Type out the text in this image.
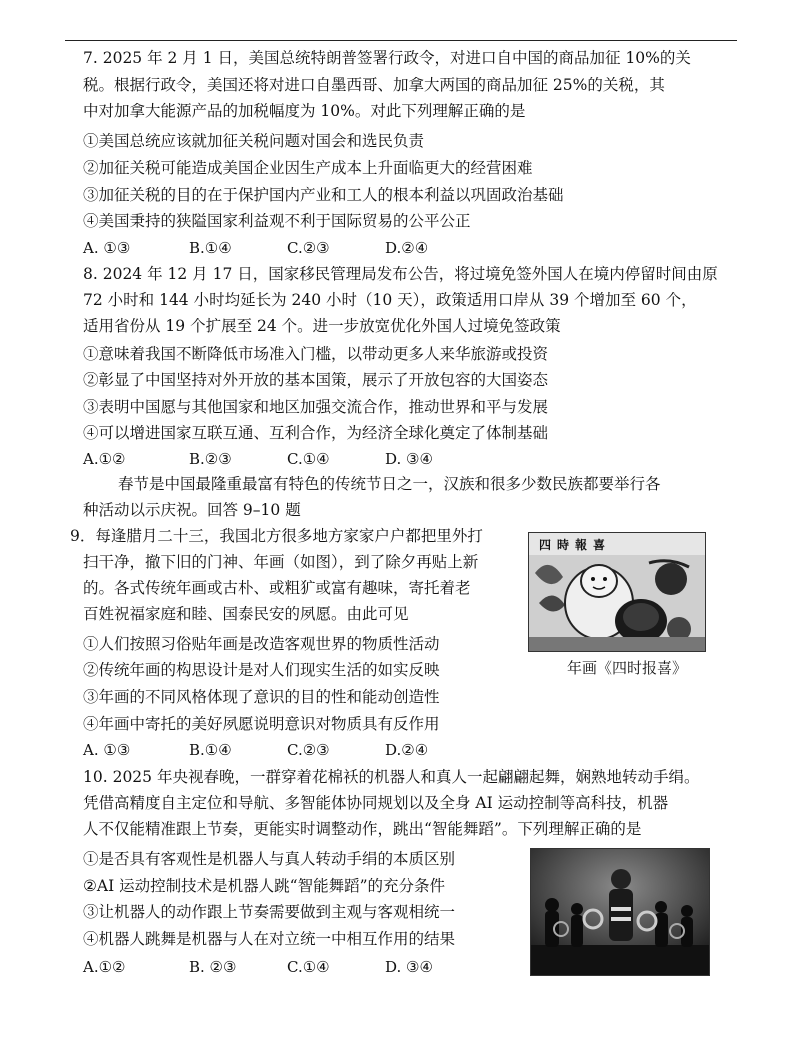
7. 2025 年 2 月 1 日，美国总统特朗普签署行政令，对进口自中国的商品加征 10%的关
税。根据行政令，美国还将对进口自墨西哥、加拿大两国的商品加征 25%的关税，其
中对加拿大能源产品的加税幅度为 10%。对此下列理解正确的是
①美国总统应该就加征关税问题对国会和选民负责
②加征关税可能造成美国企业因生产成本上升面临更大的经营困难
③加征关税的目的在于保护国内产业和工人的根本利益以巩固政治基础
④美国秉持的狭隘国家利益观不利于国际贸易的公平公正
A. ①③	B.①④	C.②③	D.②④
8. 2024 年 12 月 17 日，国家移民管理局发布公告，将过境免签外国人在境内停留时间由原
72 小时和 144 小时均延长为 240 小时（10 天），政策适用口岸从 39 个增加至 60 个，
适用省份从 19 个扩展至 24 个。进一步放宽优化外国人过境免签政策
①意味着我国不断降低市场准入门槛，以带动更多人来华旅游或投资
②彰显了中国坚持对外开放的基本国策，展示了开放包容的大国姿态
③表明中国愿与其他国家和地区加强交流合作，推动世界和平与发展
④可以增进国家互联互通、互利合作，为经济全球化奠定了体制基础
A.①②	B.②③	C.①④	D. ③④
春节是中国最隆重最富有特色的传统节日之一，汉族和很多少数民族都要举行各
种活动以示庆祝。回答 9–10 题
9．每逢腊月二十三，我国北方很多地方家家户户都把里外打
扫干净，撤下旧的门神、年画（如图），到了除夕再贴上新
的。各式传统年画或古朴、或粗犷或富有趣味，寄托着老
百姓祝福家庭和睦、国泰民安的夙愿。由此可见
①人们按照习俗贴年画是改造客观世界的物质性活动
②传统年画的构思设计是对人们现实生活的如实反映
③年画的不同风格体现了意识的目的性和能动创造性
④年画中寄托的美好夙愿说明意识对物质具有反作用
A. ①③	B.①④	C.②③	D.②④
四時報喜
年画《四时报喜》
10. 2025 年央视春晚，一群穿着花棉袄的机器人和真人一起翩翩起舞，娴熟地转动手绢。
凭借高精度自主定位和导航、多智能体协同规划以及全身 AI 运动控制等高科技，机器
人不仅能精准跟上节奏，更能实时调整动作，跳出“智能舞蹈”。下列理解正确的是
①是否具有客观性是机器人与真人转动手绢的本质区别
②AI 运动控制技术是机器人跳“智能舞蹈”的充分条件
③让机器人的动作跟上节奏需要做到主观与客观相统一
④机器人跳舞是机器与人在对立统一中相互作用的结果
A.①②	B. ②③	C.①④	D. ③④
